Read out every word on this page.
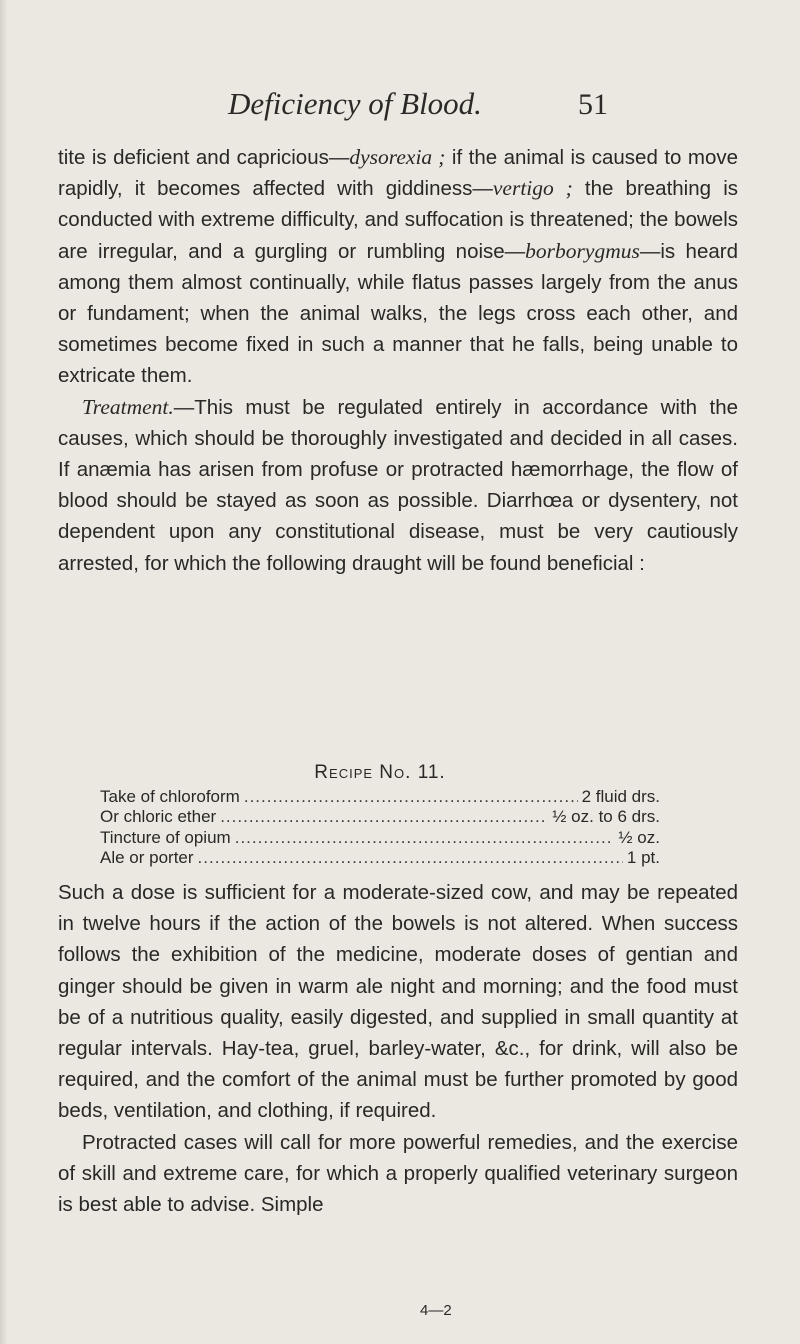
Deficiency of Blood.	51

tite is deficient and capricious—dysorexia ; if the animal is caused to move rapidly, it becomes affected with giddiness—vertigo ; the breathing is conducted with extreme difficulty, and suffocation is threatened; the bowels are irregular, and a gurgling or rumbling noise—borborygmus—is heard among them almost continually, while flatus passes largely from the anus or fundament; when the animal walks, the legs cross each other, and sometimes become fixed in such a manner that he falls, being unable to extricate them.

Treatment.—This must be regulated entirely in accordance with the causes, which should be thoroughly investigated and decided in all cases. If anæmia has arisen from profuse or protracted hæmorrhage, the flow of blood should be stayed as soon as possible. Diarrhœa or dysentery, not dependent upon any constitutional disease, must be very cautiously arrested, for which the following draught will be found beneficial :

Recipe No. 11.
Take of chloroform .....	2 fluid drs.
Or chloric ether .....	½ oz. to 6 drs.
Tincture of opium .....	½ oz.
Ale or porter .....	1 pt.

Such a dose is sufficient for a moderate-sized cow, and may be repeated in twelve hours if the action of the bowels is not altered. When success follows the exhibition of the medicine, moderate doses of gentian and ginger should be given in warm ale night and morning; and the food must be of a nutritious quality, easily digested, and supplied in small quantity at regular intervals. Hay-tea, gruel, barley-water, &c., for drink, will also be required, and the comfort of the animal must be further promoted by good beds, ventilation, and clothing, if required.

Protracted cases will call for more powerful remedies, and the exercise of skill and extreme care, for which a properly qualified veterinary surgeon is best able to advise. Simple

4—2
